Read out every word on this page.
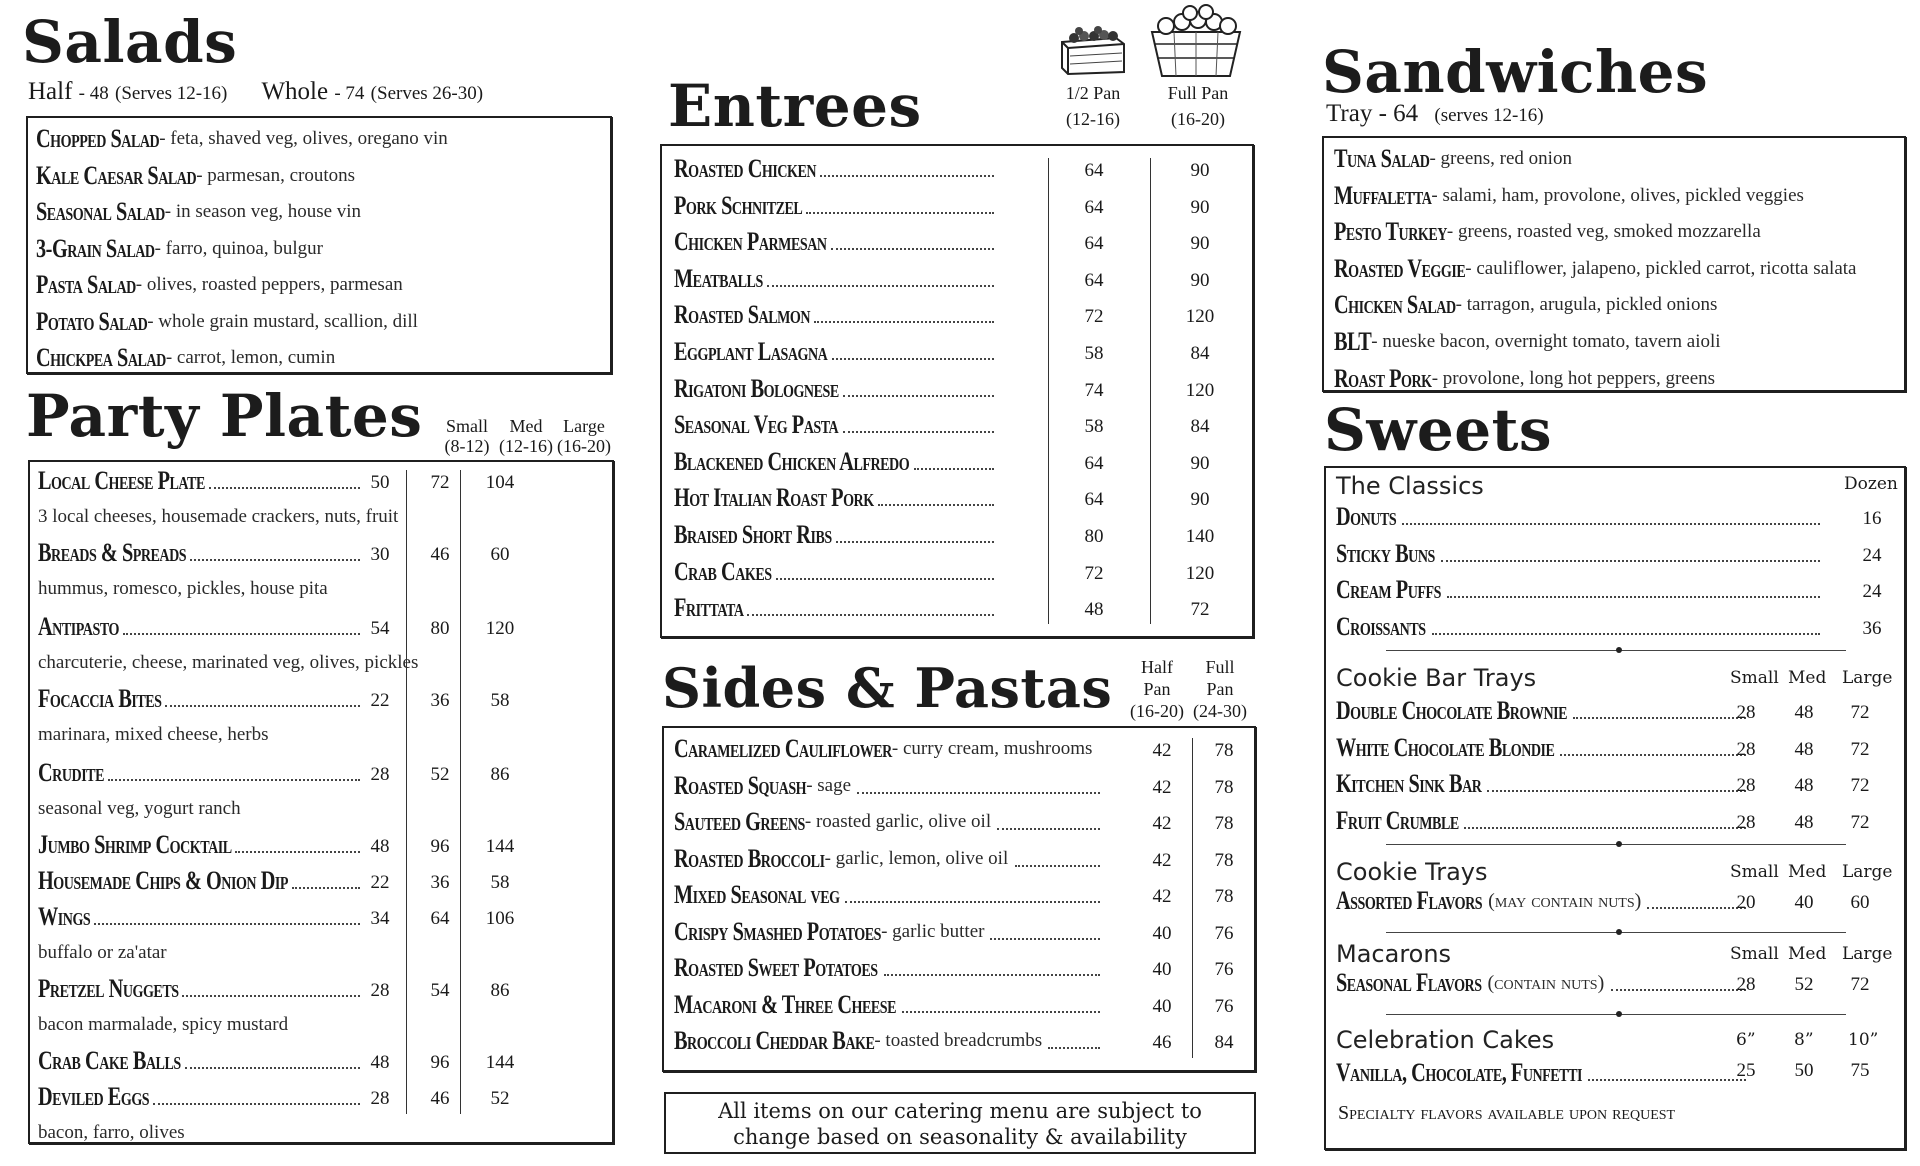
Salads
Half - 48 (Serves 12-16) Whole - 74 (Serves 26-30)
Chopped Salad - feta, shaved veg, olives, oregano vin
Kale Caesar Salad - parmesan, croutons
Seasonal Salad - in season veg, house vin
3-Grain Salad - farro, quinoa, bulgur
Pasta Salad - olives, roasted peppers, parmesan
Potato Salad - whole grain mustard, scallion, dill
Chickpea Salad - carrot, lemon, cumin
Party Plates Small
(8-12)
Med
(12-16)
Large
(16-20)
Local Cheese Plate	50	72	104
3 local cheeses, housemade crackers, nuts, fruit
Breads & Spreads	30	46	60
hummus, romesco, pickles, house pita
Antipasto	54	80	120
charcuterie, cheese, marinated veg, olives, pickles
Focaccia Bites	22	36	58
marinara, mixed cheese, herbs
Crudite	28	52	86
seasonal veg, yogurt ranch
Jumbo Shrimp Cocktail	48	96	144
Housemade Chips & Onion Dip	22	36	58
Wings	34	64	106
buffalo or za'atar
Pretzel Nuggets	28	54	86
bacon marmalade, spicy mustard
Crab Cake Balls	48	96	144
Deviled Eggs	28	46	52
bacon, farro, olives
Entrees	1/2 Pan
(12-16)
Full Pan
(16-20)
Roasted Chicken	64	90
Pork Schnitzel	64	90
Chicken Parmesan	64	90
Meatballs	64	90
Roasted Salmon	72	120
Eggplant Lasagna	58	84
Rigatoni Bolognese	74	120
Seasonal Veg Pasta	58	84
Blackened Chicken Alfredo	64	90
Hot Italian Roast Pork	64	90
Braised Short Ribs	80	140
Crab Cakes	72	120
Frittata	48	72
Sides & Pastas	Half
Pan
(16-20)
Full
Pan
(24-30)
Caramelized Cauliflower - curry cream, mushrooms	42	78
Roasted Squash - sage	42	78
Sauteed Greens - roasted garlic, olive oil	42	78
Roasted Broccoli - garlic, lemon, olive oil	42	78
Mixed Seasonal veg	42	78
Crispy Smashed Potatoes - garlic butter	40	76
Roasted Sweet Potatoes	40	76
Macaroni & Three Cheese	40	76
Broccoli Cheddar Bake - toasted breadcrumbs	46	84
All items on our catering menu are subject to
change based on seasonality & availability
Sandwiches
Tray - 64 (serves 12-16)
Tuna Salad - greens, red onion
Muffaletta - salami, ham, provolone, olives, pickled veggies
Pesto Turkey - greens, roasted veg, smoked mozzarella
Roasted Veggie - cauliflower, jalapeno, pickled carrot, ricotta salata
Chicken Salad - tarragon, arugula, pickled onions
BLT - nueske bacon, overnight tomato, tavern aioli
Roast Pork - provolone, long hot peppers, greens
Sweets
The Classics	Dozen
Donuts	16
Sticky Buns	24
Cream Puffs	24
Croissants	36
Cookie Bar Trays	Small Med Large
Double Chocolate Brownie	28	48	72
White Chocolate Blondie	28	48	72
Kitchen Sink Bar	28	48	72
Fruit Crumble	28	48	72
Cookie Trays	Small Med Large
Assorted Flavors (may contain nuts)	20	40	60
Macarons	Small Med Large
Seasonal Flavors (contain nuts)	28	52	72
Celebration Cakes	6” 8” 10”
Vanilla, Chocolate, Funfetti	25	50	75
Specialty flavors available upon request
